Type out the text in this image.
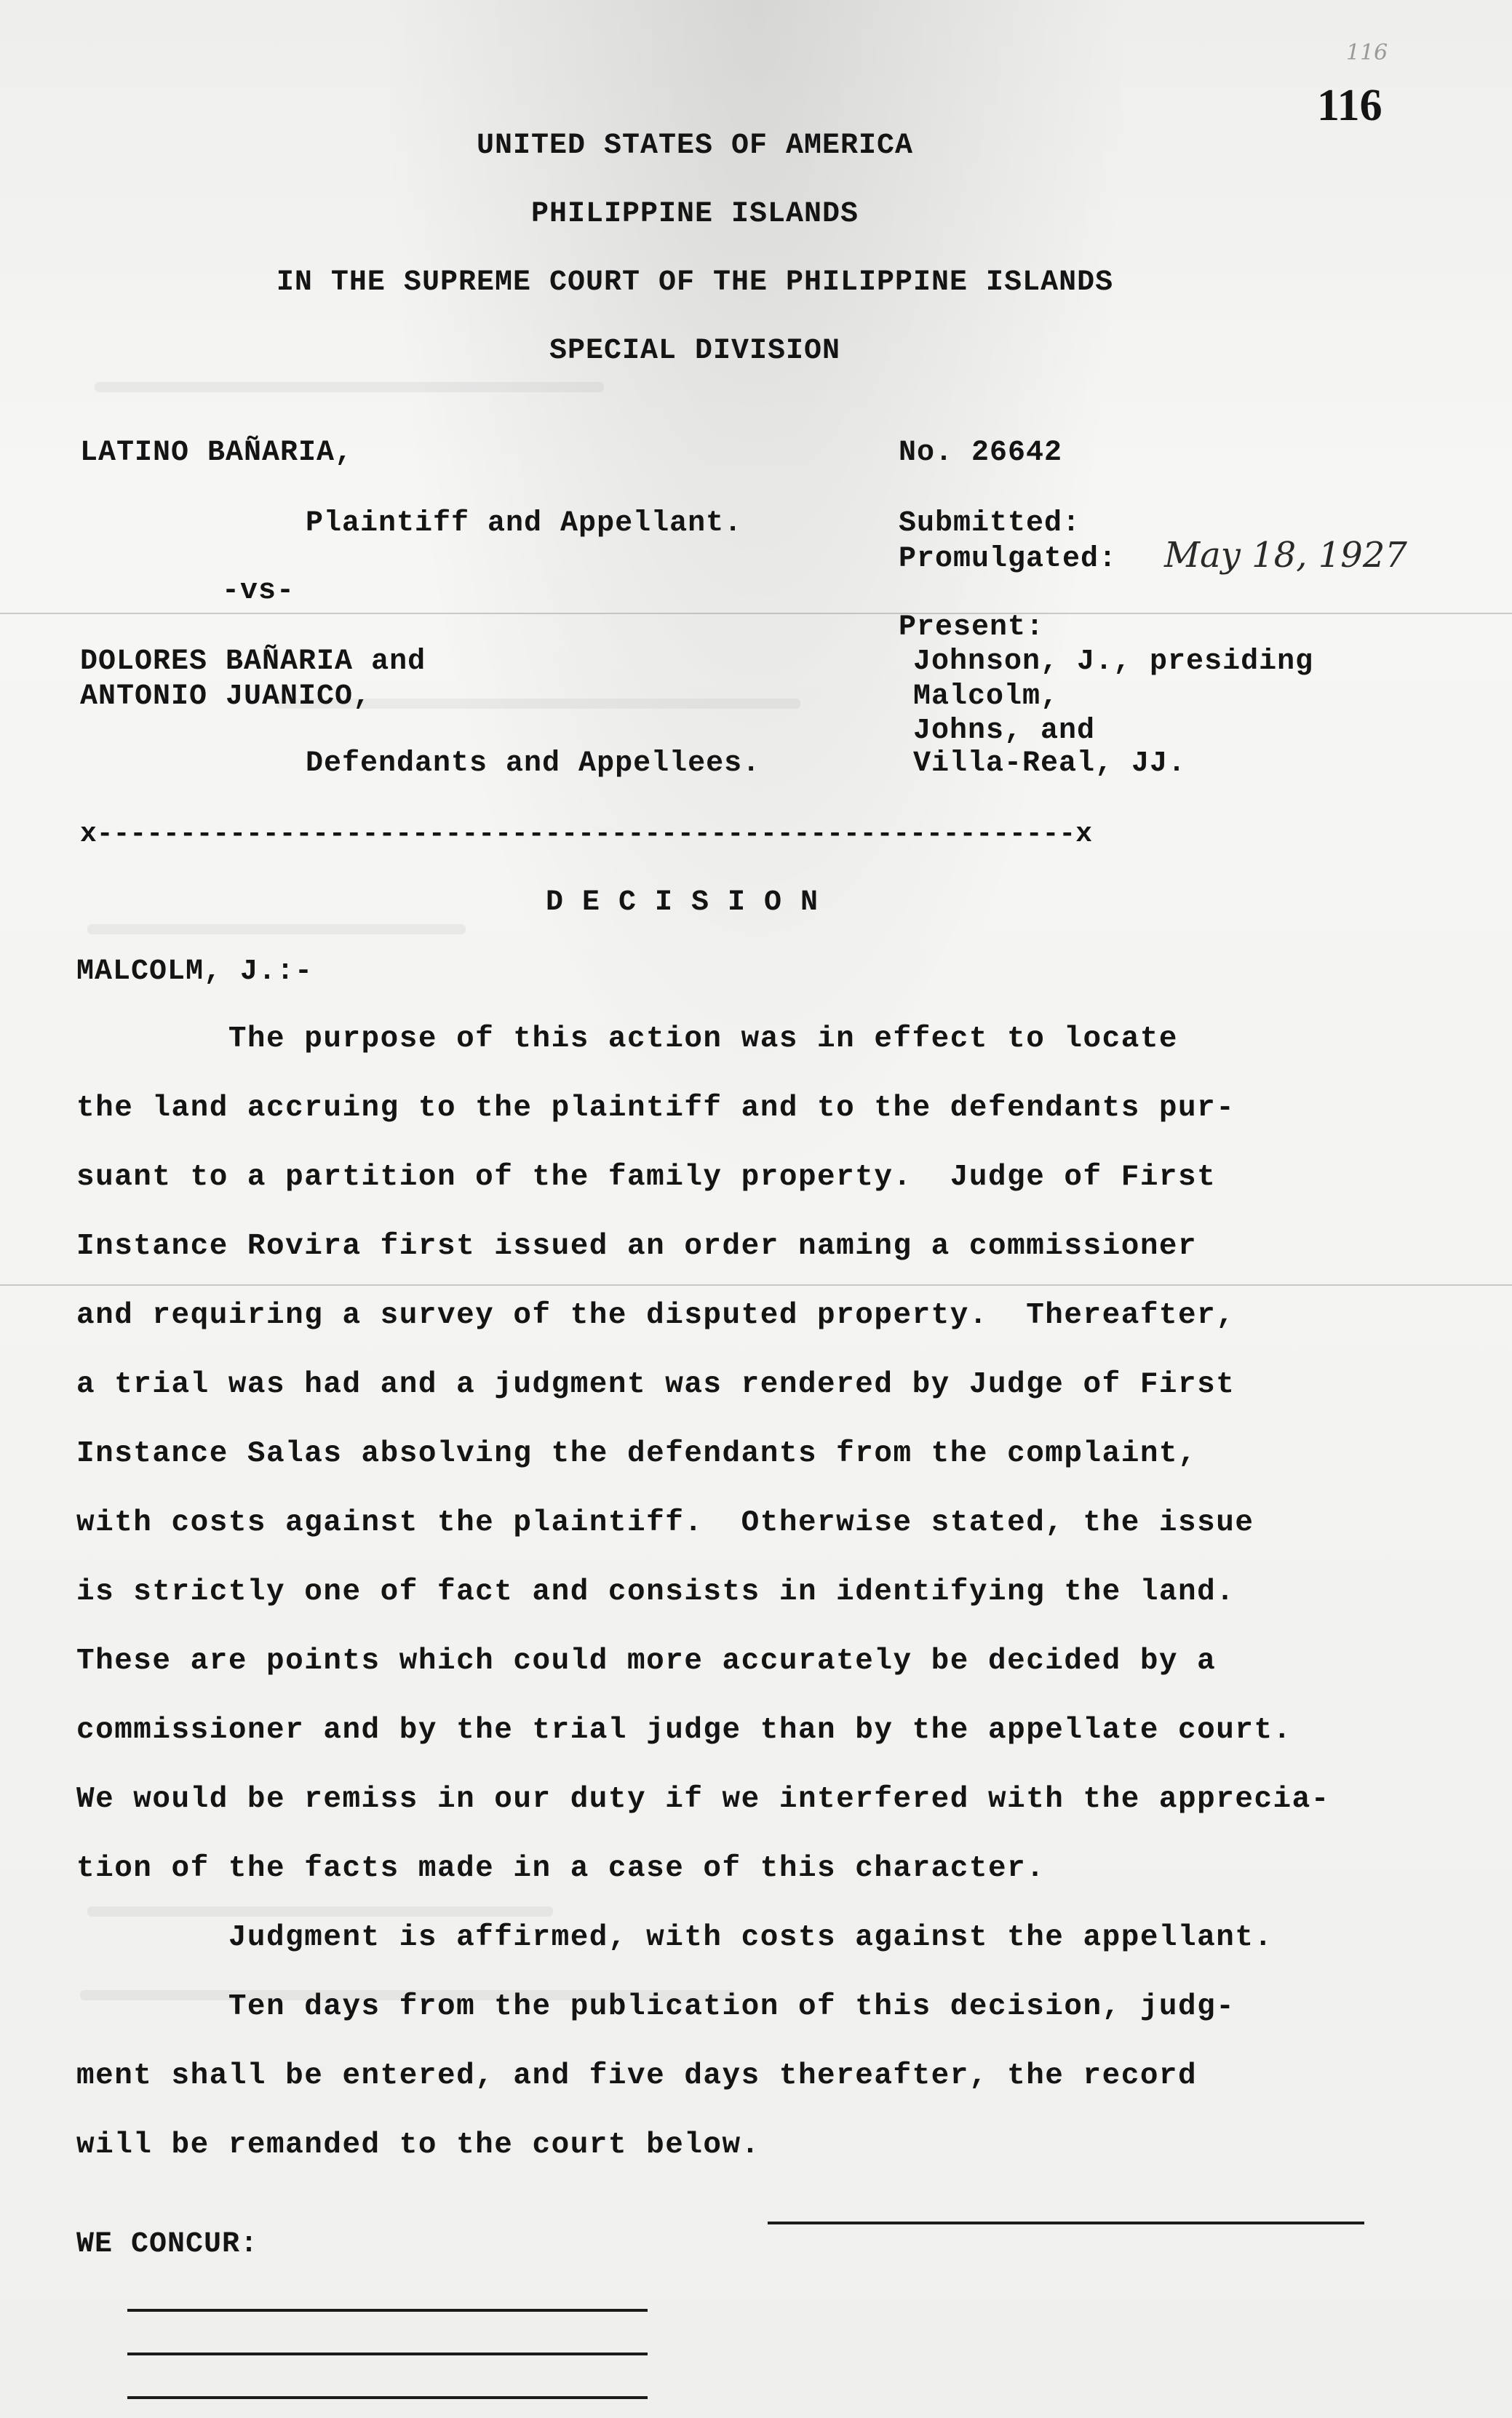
116
116
UNITED STATES OF AMERICA
PHILIPPINE ISLANDS
IN THE SUPREME COURT OF THE PHILIPPINE ISLANDS
SPECIAL DIVISION
LATINO BAÑARIA,
Plaintiff and Appellant.
-vs-
DOLORES BAÑARIA and
ANTONIO JUANICO,
Defendants and Appellees.
No. 26642
Submitted:
Promulgated: May 18, 1927
Present:
Johnson, J., presiding
Malcolm,
Johns, and
Villa-Real, JJ.
x-----------------------------------------------------------x
D E C I S I O N
MALCOLM, J.:-
The purpose of this action was in effect to locate
the land accruing to the plaintiff and to the defendants pur-
suant to a partition of the family property.  Judge of First
Instance Rovira first issued an order naming a commissioner
and requiring a survey of the disputed property.  Thereafter,
a trial was had and a judgment was rendered by Judge of First
Instance Salas absolving the defendants from the complaint,
with costs against the plaintiff.  Otherwise stated, the issue
is strictly one of fact and consists in identifying the land.
These are points which could more accurately be decided by a
commissioner and by the trial judge than by the appellate court.
We would be remiss in our duty if we interfered with the apprecia-
tion of the facts made in a case of this character.
Judgment is affirmed, with costs against the appellant.
Ten days from the publication of this decision, judg-
ment shall be entered, and five days thereafter, the record
will be remanded to the court below.
WE CONCUR:
